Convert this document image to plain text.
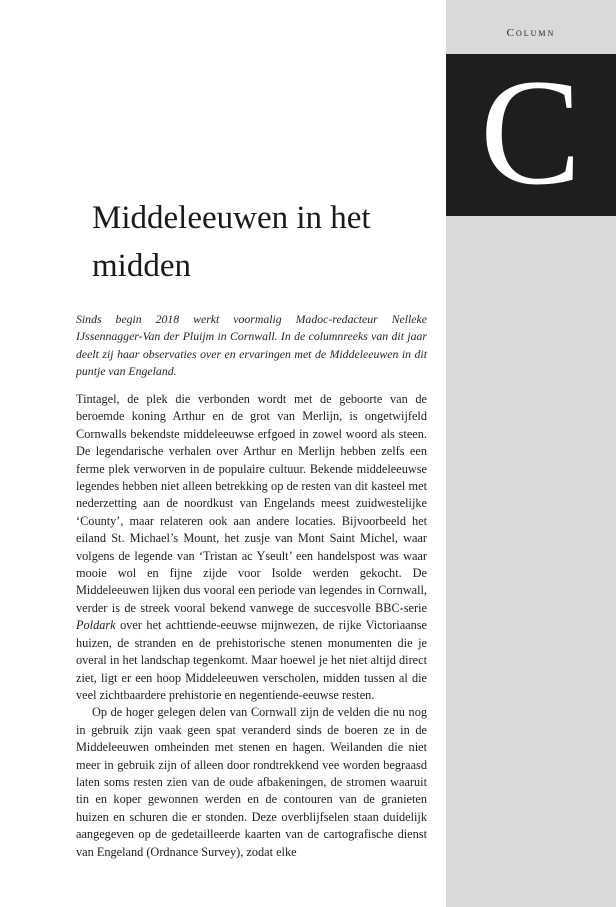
Column
C
Middeleeuwen in het midden

Sinds begin 2018 werkt voormalig Madoc-redacteur Nelleke IJssennagger-Van der Pluijm in Cornwall. In de columnreeks van dit jaar deelt zij haar observaties over en ervaringen met de Middeleeuwen in dit puntje van Engeland.

Tintagel, de plek die verbonden wordt met de geboorte van de beroemde koning Arthur en de grot van Merlijn, is ongetwijfeld Cornwalls bekendste middeleeuwse erfgoed in zowel woord als steen. De legendarische verhalen over Arthur en Merlijn hebben zelfs een ferme plek verworven in de populaire cultuur. Bekende middeleeuwse legendes hebben niet alleen betrekking op de resten van dit kasteel met nederzetting aan de noordkust van Engelands meest zuidwestelijke ‘County’, maar relateren ook aan andere locaties. Bijvoorbeeld het eiland St. Michael’s Mount, het zusje van Mont Saint Michel, waar volgens de legende van ‘Tristan ac Yseult’ een handelspost was waar mooie wol en fijne zijde voor Isolde werden gekocht. De Middeleeuwen lijken dus vooral een periode van legendes in Cornwall, verder is de streek vooral bekend vanwege de succesvolle BBC-serie Poldark over het achttiende-eeuwse mijnwezen, de rijke Victoriaanse huizen, de stranden en de prehistorische stenen monumenten die je overal in het landschap tegenkomt. Maar hoewel je het niet altijd direct ziet, ligt er een hoop Middeleeuwen verscholen, midden tussen al die veel zichtbaardere prehistorie en negentiende-eeuwse resten.

Op de hoger gelegen delen van Cornwall zijn de velden die nu nog in gebruik zijn vaak geen spat veranderd sinds de boeren ze in de Middeleeuwen omheinden met stenen en hagen. Weilanden die niet meer in gebruik zijn of alleen door rondtrekkend vee worden begraasd laten soms resten zien van de oude afbakeningen, de stromen waaruit tin en koper gewonnen werden en de contouren van de granieten huizen en schuren die er stonden. Deze overblijfselen staan duidelijk aangegeven op de gedetailleerde kaarten van de cartografische dienst van Engeland (Ordnance Survey), zodat elke
